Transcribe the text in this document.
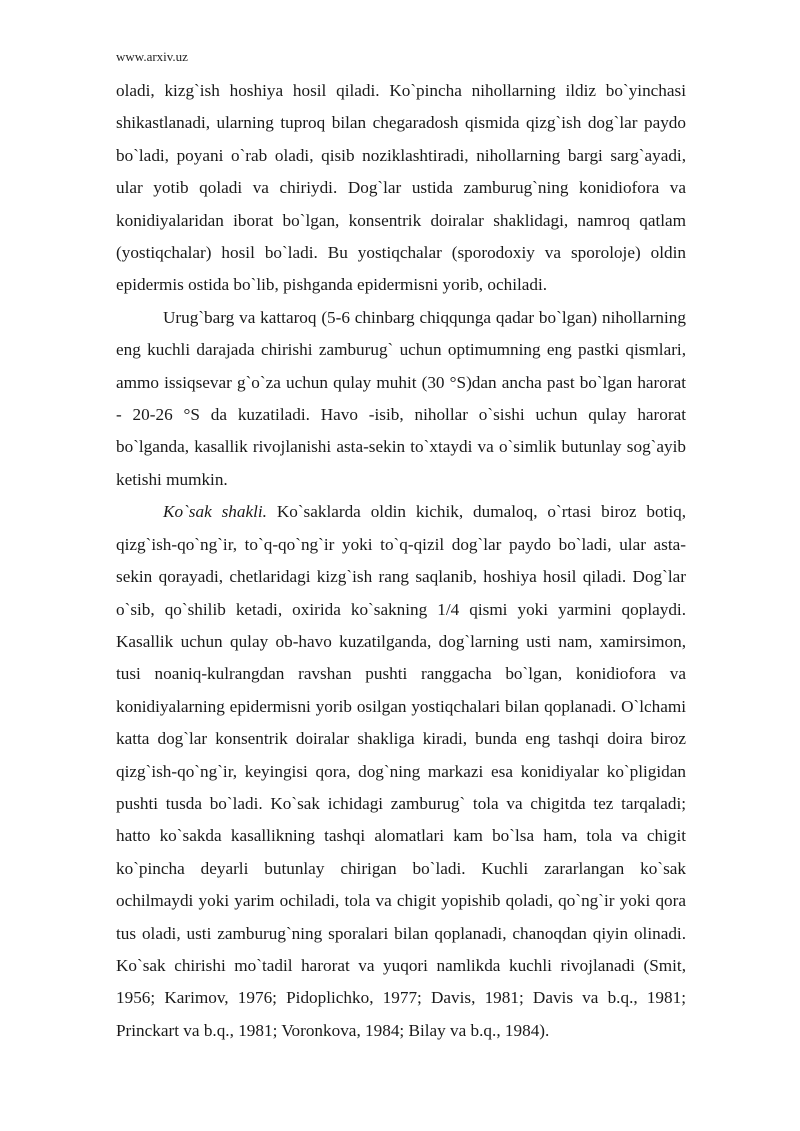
www.arxiv.uz

oladi, kizg`ish hoshiya hosil qiladi. Ko`pincha nihollarning ildiz bo`yinchasi shikastlanadi, ularning tuproq bilan chegaradosh qismida qizg`ish dog`lar paydo bo`ladi, poyani o`rab oladi, qisib noziklashtiradi, nihollarning bargi sarg`ayadi, ular yotib qoladi va chiriydi. Dog`lar ustida zamburug`ning konidiofora va konidiyalaridan iborat bo`lgan, konsentrik doiralar shaklidagi, namroq qatlam (yostiqchalar) hosil bo`ladi. Bu yostiqchalar (sporodoxiy va sporoloje) oldin epidermis ostida bo`lib, pishganda epidermisni yorib, ochiladi.

Urug`barg va kattaroq (5-6 chinbarg chiqqunga qadar bo`lgan) nihollarning eng kuchli darajada chirishi zamburug` uchun optimumning eng pastki qismlari, ammo issiqsevar g`o`za uchun qulay muhit (30 °S)dan ancha past bo`lgan harorat - 20-26 °S da kuzatiladi. Havo -isib, nihollar o`sishi uchun qulay harorat bo`lganda, kasallik rivojlanishi asta-sekin to`xtaydi va o`simlik butunlay sog`ayib ketishi mumkin.

Ko`sak shakli. Ko`saklarda oldin kichik, dumaloq, o`rtasi biroz botiq, qizg`ish-qo`ng`ir, to`q-qo`ng`ir yoki to`q-qizil dog`lar paydo bo`ladi, ular asta-sekin qorayadi, chetlaridagi kizg`ish rang saqlanib, hoshiya hosil qiladi. Dog`lar o`sib, qo`shilib ketadi, oxirida ko`sakning 1/4 qismi yoki yarmini qoplaydi. Kasallik uchun qulay ob-havo kuzatilganda, dog`larning usti nam, xamirsimon, tusi noaniq-kulrangdan ravshan pushti ranggacha bo`lgan, konidiofora va konidiyalarning epidermisni yorib osilgan yostiqchalari bilan qoplanadi. O`lchami katta dog`lar konsentrik doiralar shakliga kiradi, bunda eng tashqi doira biroz qizg`ish-qo`ng`ir, keyingisi qora, dog`ning markazi esa konidiyalar ko`pligidan pushti tusda bo`ladi. Ko`sak ichidagi zamburug` tola va chigitda tez tarqaladi; hatto ko`sakda kasallikning tashqi alomatlari kam bo`lsa ham, tola va chigit ko`pincha deyarli butunlay chirigan bo`ladi. Kuchli zararlangan ko`sak ochilmaydi yoki yarim ochiladi, tola va chigit yopishib qoladi, qo`ng`ir yoki qora tus oladi, usti zamburug`ning sporalari bilan qoplanadi, chanoqdan qiyin olinadi. Ko`sak chirishi mo`tadil harorat va yuqori namlikda kuchli rivojlanadi (Smit, 1956; Karimov, 1976; Pidoplichko, 1977; Davis, 1981; Davis va b.q., 1981; Princkart va b.q., 1981; Voronkova, 1984; Bilay va b.q., 1984).
